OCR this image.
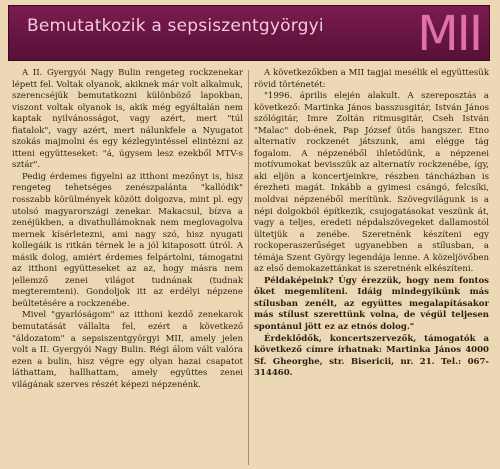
Bemutatkozik a sepsiszentgyörgyi MII

A II. Gyergyói Nagy Bulin rengeteg rockzenekar lépett fel. Voltak olyanok, akiknek már volt alkalmuk, szerencséjük bemutatkozni különböző lapokban, viszont voltak olyanok is, akik még egyáltalán nem kaptak nyilvánosságot, vagy azért, mert "túl fiatalok", vagy azért, mert nálunkfele a Nyugatot szokás majmolni és egy kézlegyintéssel elintézni az itteni együtteseket: "á, úgysem lesz ezekből MTV-s sztár".

Pedig érdemes figyelni az itthoni mezőnyt is, hisz rengeteg tehetséges zenészpalánta "kallódik" rosszabb körülmények között dolgozva, mint pl. egy utolsó magyarországi zenekar. Makacsul, bízva a zenéjükben, a divathullámoknak nem meglovagolva mernek kísérletezni, ami nagy szó, hisz nyugati kollegáik is ritkán térnek le a jól kitaposott útról. A másik dolog, amiért érdemes felpártolni, támogatni az itthoni együtteseket az az, hogy másra nem jellemző zenei világot tudnának (tudnak megteremteni). Gondoljok itt az erdélyi népzene beültetésére a rockzenébe.

Mivel "gyarlóságom" az itthoni kezdő zenekarok bemutatását vállalta fel, ezért a következő "áldozatom" a sepsiszentgyörgyi MII, amely jelen volt a II. Gyergyói Nagy Bulin. Régi álom vált valóra ezen a bulin, hisz végre egy olyan hazai csapatot láthattam, hallhattam, amely együttes zenei világának szerves részét képezi népzenénk.

A következőkben a MII tagjai mesélik el együttesük rövid történetét:

"1996. április elején alakult. A szereposztás a következő: Martinka János basszusgitár, István János szólógitár, Imre Zoltán ritmusgitár, Cseh István "Malac" dob-ének, Pap József ütős hangszer. Etno alternatív rockzenét játszunk, ami elégge tág fogalom. A népzenéből ihletődünk, a népzenei motívumokat bevisszük az alternatív rockzenébe, így, aki eljön a koncertjeinkre, részben táncházban is érezheti magát. Inkább a gyimesi csángó, felcsíki, moldvai népzenéből merítünk. Szövegvilágunk is a népi dolgokból építkezik, csujogatásokat veszünk át, vagy a teljes, eredeti népdalszövegeket dallamostól ültetjük a zenébe. Szeretnénk készíteni egy rockoperaszerűséget ugyanebben a stílusban, a témája Szent György legendája lenne. A közeljövőben az első demokazettánkat is szeretnénk elkészíteni.

Példaképeink? Úgy érezzük, hogy nem fontos őket megemlíteni. Idáig mindegyikünk más stílusban zenélt, az együttes megalapításakor más stílust szerettünk volna, de végül teljesen spontánul jött ez az etnós dolog."

Érdeklődők, koncertszervezők, támogatók a következő címre írhatnak: Martinka János 4000 Sf. Gheorghe, str. Bisericii, nr. 21. Tel.: 067-314460.
